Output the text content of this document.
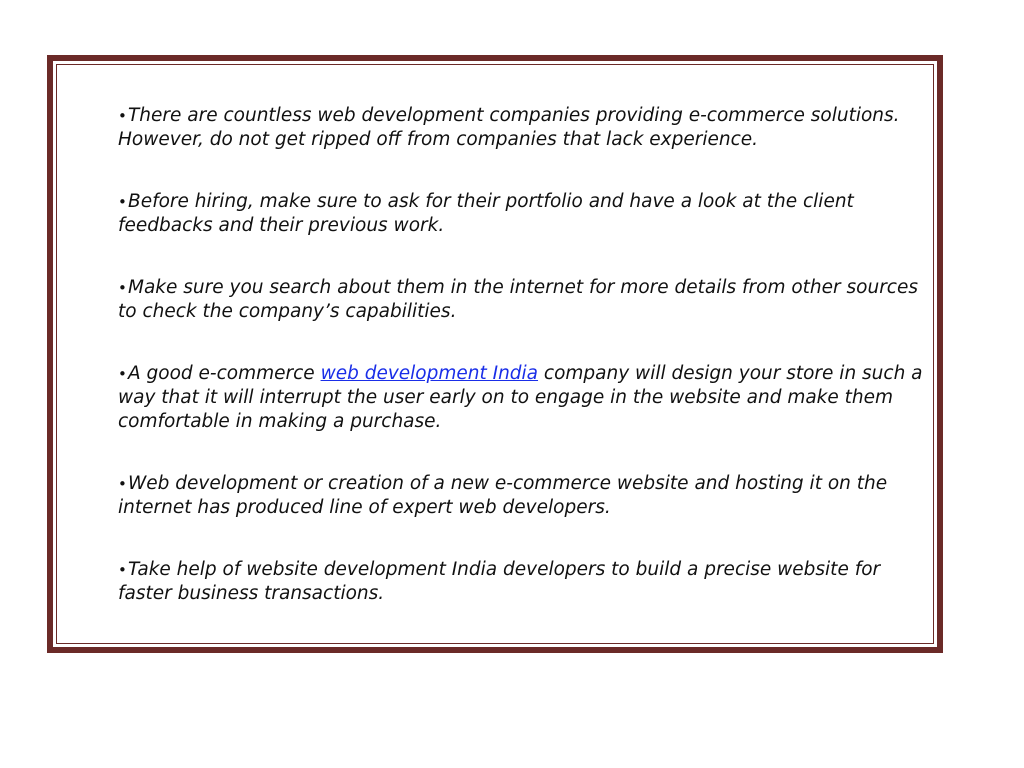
•There are countless web development companies providing e-commerce solutions. However, do not get ripped off from companies that lack experience.

•Before hiring, make sure to ask for their portfolio and have a look at the client feedbacks and their previous work.

•Make sure you search about them in the internet for more details from other sources to check the company’s capabilities.

•A good e-commerce web development India company will design your store in such a way that it will interrupt the user early on to engage in the website and make them comfortable in making a purchase.

•Web development or creation of a new e-commerce website and hosting it on the internet has produced line of expert web developers.

•Take help of website development India developers to build a precise website for faster business transactions.
